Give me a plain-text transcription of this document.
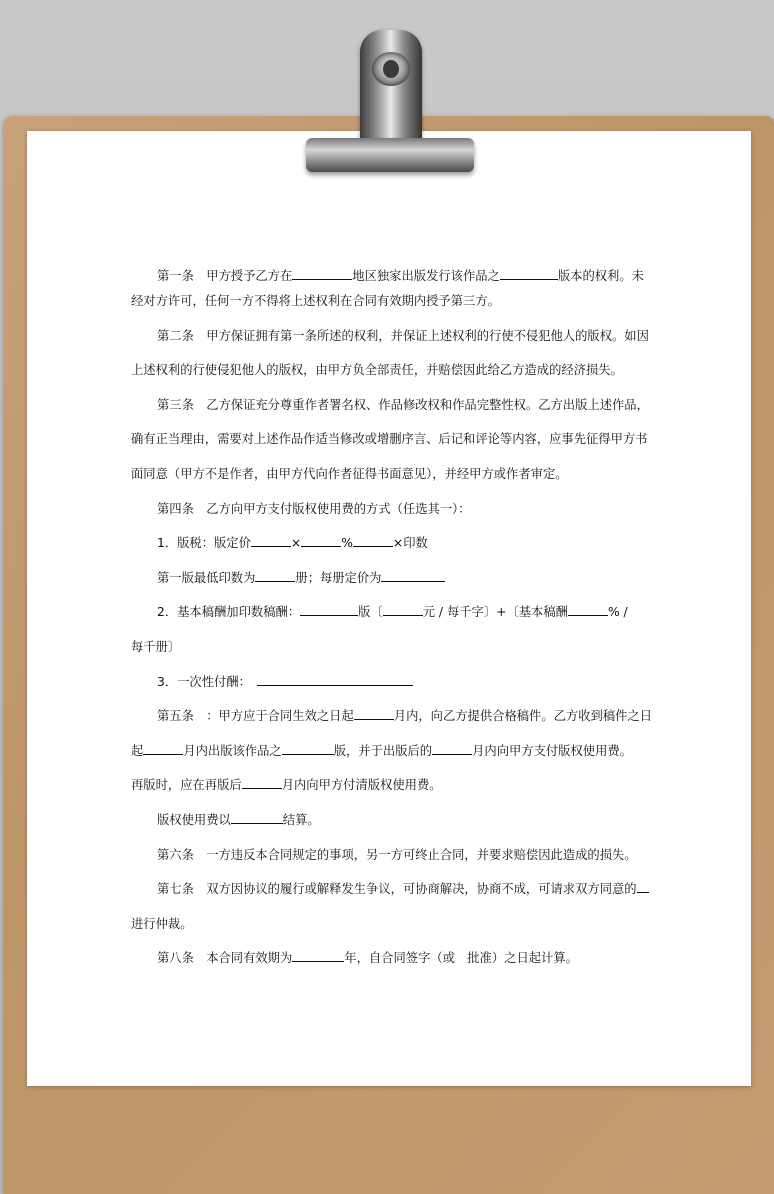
第一条　甲方授予乙方在	地区独家出版发行该作品之	版本的权利。未
经对方许可，任何一方不得将上述权利在合同有效期内授予第三方。
第二条　甲方保证拥有第一条所述的权利，并保证上述权利的行使不侵犯他人的版权。如因
上述权利的行使侵犯他人的版权，由甲方负全部责任，并赔偿因此给乙方造成的经济损失。
第三条　乙方保证充分尊重作者署名权、作品修改权和作品完整性权。乙方出版上述作品，
确有正当理由，需要对上述作品作适当修改或增删序言、后记和评论等内容，应事先征得甲方书
面同意（甲方不是作者，由甲方代向作者征得书面意见），并经甲方或作者审定。
第四条　乙方向甲方支付版权使用费的方式（任选其一）：
1．版税：版定价	×	%	×印数
第一版最低印数为	册；每册定价为
2．基本稿酬加印数稿酬：	版〔	元 / 每千字〕+〔基本稿酬	% /
每千册〕
3．一次性付酬：
第五条　：甲方应于合同生效之日起	月内，向乙方提供合格稿件。乙方收到稿件之日
起	月内出版该作品之	版，并于出版后的	月内向甲方支付版权使用费。
再版时，应在再版后	月内向甲方付清版权使用费。
版权使用费以	结算。
第六条　一方违反本合同规定的事项，另一方可终止合同，并要求赔偿因此造成的损失。
第七条　双方因协议的履行或解释发生争议，可协商解决，协商不成，可请求双方同意的
进行仲裁。
第八条　本合同有效期为	年，自合同签字（或　批准）之日起计算。
